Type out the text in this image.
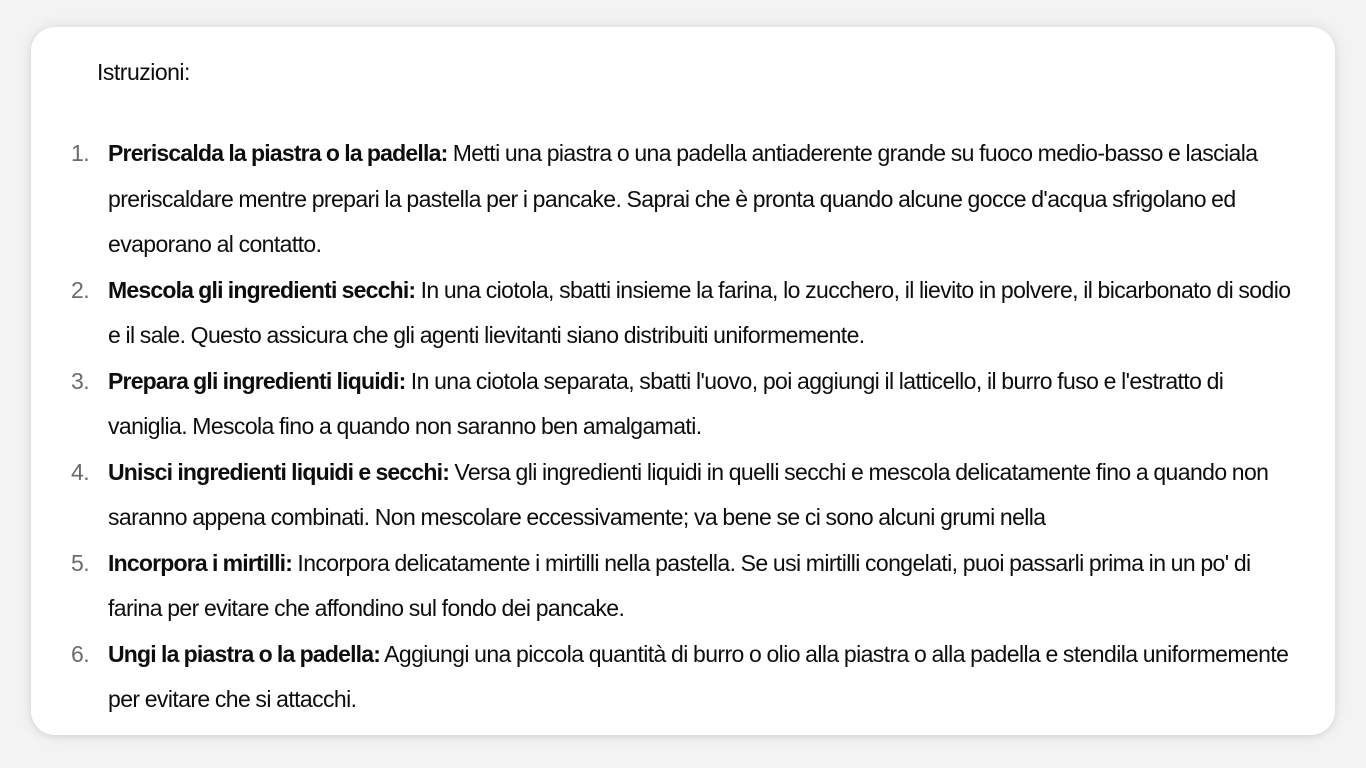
Istruzioni:
1. Preriscalda la piastra o la padella: Metti una piastra o una padella antiaderente grande su fuoco medio-basso e lasciala preriscaldare mentre prepari la pastella per i pancake. Saprai che è pronta quando alcune gocce d'acqua sfrigolano ed evaporano al contatto.
2. Mescola gli ingredienti secchi: In una ciotola, sbatti insieme la farina, lo zucchero, il lievito in polvere, il bicarbonato di sodio e il sale. Questo assicura che gli agenti lievitanti siano distribuiti uniformemente.
3. Prepara gli ingredienti liquidi: In una ciotola separata, sbatti l'uovo, poi aggiungi il latticello, il burro fuso e l'estratto di vaniglia. Mescola fino a quando non saranno ben amalgamati.
4. Unisci ingredienti liquidi e secchi: Versa gli ingredienti liquidi in quelli secchi e mescola delicatamente fino a quando non saranno appena combinati. Non mescolare eccessivamente; va bene se ci sono alcuni grumi nella
5. Incorpora i mirtilli: Incorpora delicatamente i mirtilli nella pastella. Se usi mirtilli congelati, puoi passarli prima in un po' di farina per evitare che affondino sul fondo dei pancake.
6. Ungi la piastra o la padella: Aggiungi una piccola quantità di burro o olio alla piastra o alla padella e stendila uniformemente per evitare che si attacchi.
